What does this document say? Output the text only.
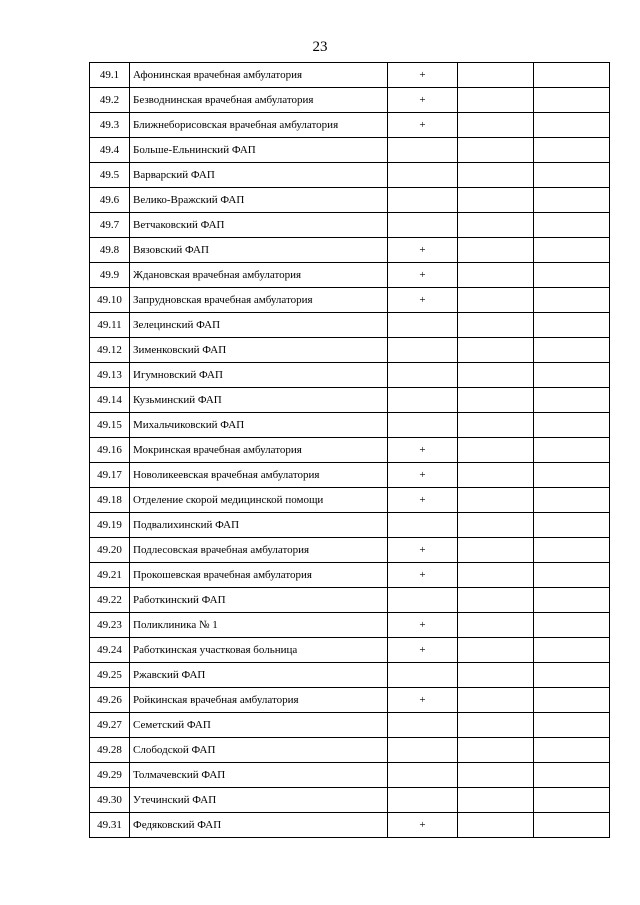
23
49.1	Афонинская врачебная амбулатория	+		
49.2	Безводнинская врачебная амбулатория	+		
49.3	Ближнеборисовская врачебная амбулатория	+		
49.4	Больше-Ельнинский ФАП			
49.5	Варварский ФАП			
49.6	Велико-Вражский ФАП			
49.7	Ветчаковский ФАП			
49.8	Вязовский ФАП	+		
49.9	Ждановская врачебная амбулатория	+		
49.10	Запрудновская врачебная амбулатория	+		
49.11	Зелецинский ФАП			
49.12	Зименковский ФАП			
49.13	Игумновский ФАП			
49.14	Кузьминский ФАП			
49.15	Михальчиковский ФАП			
49.16	Мокринская врачебная амбулатория	+		
49.17	Новоликеевская врачебная амбулатория	+		
49.18	Отделение скорой медицинской помощи	+		
49.19	Подвалихинский ФАП			
49.20	Подлесовская врачебная амбулатория	+		
49.21	Прокошевская врачебная амбулатория	+		
49.22	Работкинский ФАП			
49.23	Поликлиника № 1	+		
49.24	Работкинская участковая больница	+		
49.25	Ржавский ФАП			
49.26	Ройкинская врачебная амбулатория	+		
49.27	Семетский ФАП			
49.28	Слободской ФАП			
49.29	Толмачевский ФАП			
49.30	Утечинский ФАП			
49.31	Федяковский ФАП	+		
